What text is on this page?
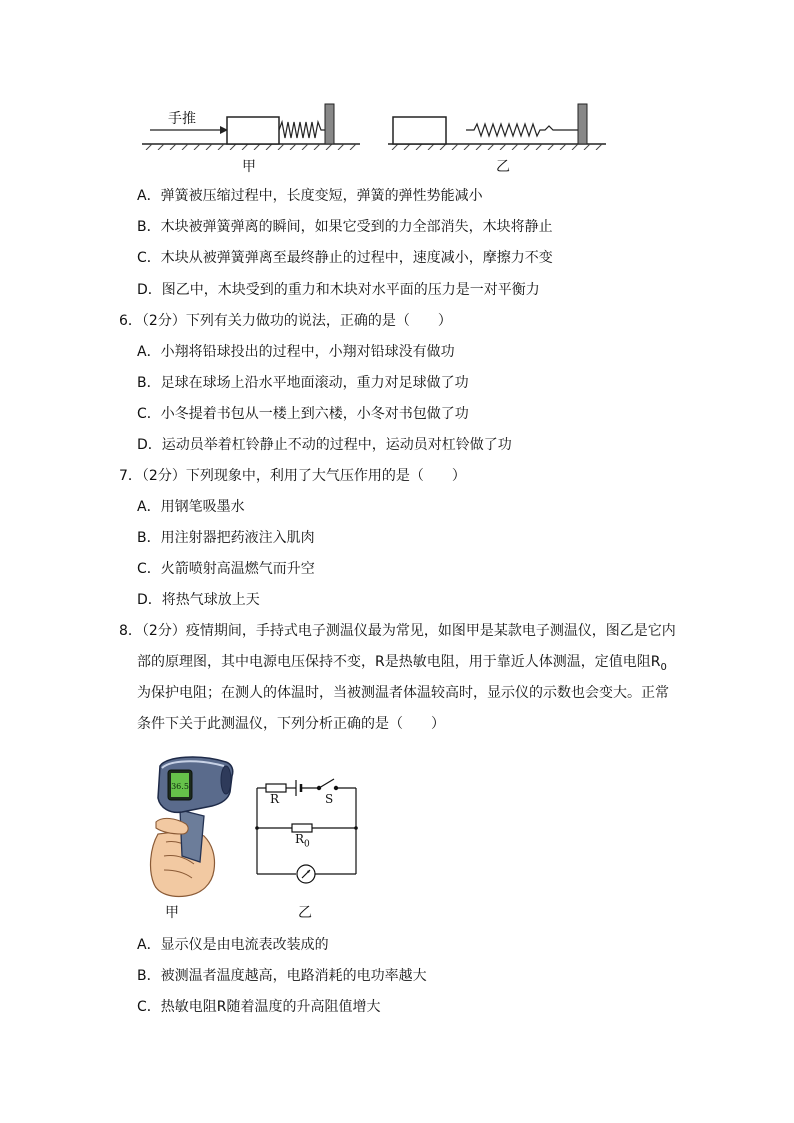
手推
甲	乙
A．弹簧被压缩过程中，长度变短，弹簧的弹性势能减小
B．木块被弹簧弹离的瞬间，如果它受到的力全部消失，木块将静止
C．木块从被弹簧弹离至最终静止的过程中，速度减小，摩擦力不变
D．图乙中，木块受到的重力和木块对水平面的压力是一对平衡力
6．（2分）下列有关力做功的说法，正确的是（　　）
A．小翔将铅球投出的过程中，小翔对铅球没有做功
B．足球在球场上沿水平地面滚动，重力对足球做了功
C．小冬提着书包从一楼上到六楼，小冬对书包做了功
D．运动员举着杠铃静止不动的过程中，运动员对杠铃做了功
7．（2分）下列现象中，利用了大气压作用的是（　　）
A．用钢笔吸墨水
B．用注射器把药液注入肌肉
C．火箭喷射高温燃气而升空
D．将热气球放上天
8．（2分）疫情期间，手持式电子测温仪最为常见，如图甲是某款电子测温仪，图乙是它内
部的原理图，其中电源电压保持不变，R是热敏电阻，用于靠近人体测温，定值电阻$R_0$
为保护电阻；在测人的体温时，当被测温者体温较高时，显示仪的示数也会变大。正常
条件下关于此测温仪，下列分析正确的是（　　）
36.5
甲
R	S
$R_0$
乙
A．显示仪是由电流表改装成的
B．被测温者温度越高，电路消耗的电功率越大
C．热敏电阻R随着温度的升高阻值增大
